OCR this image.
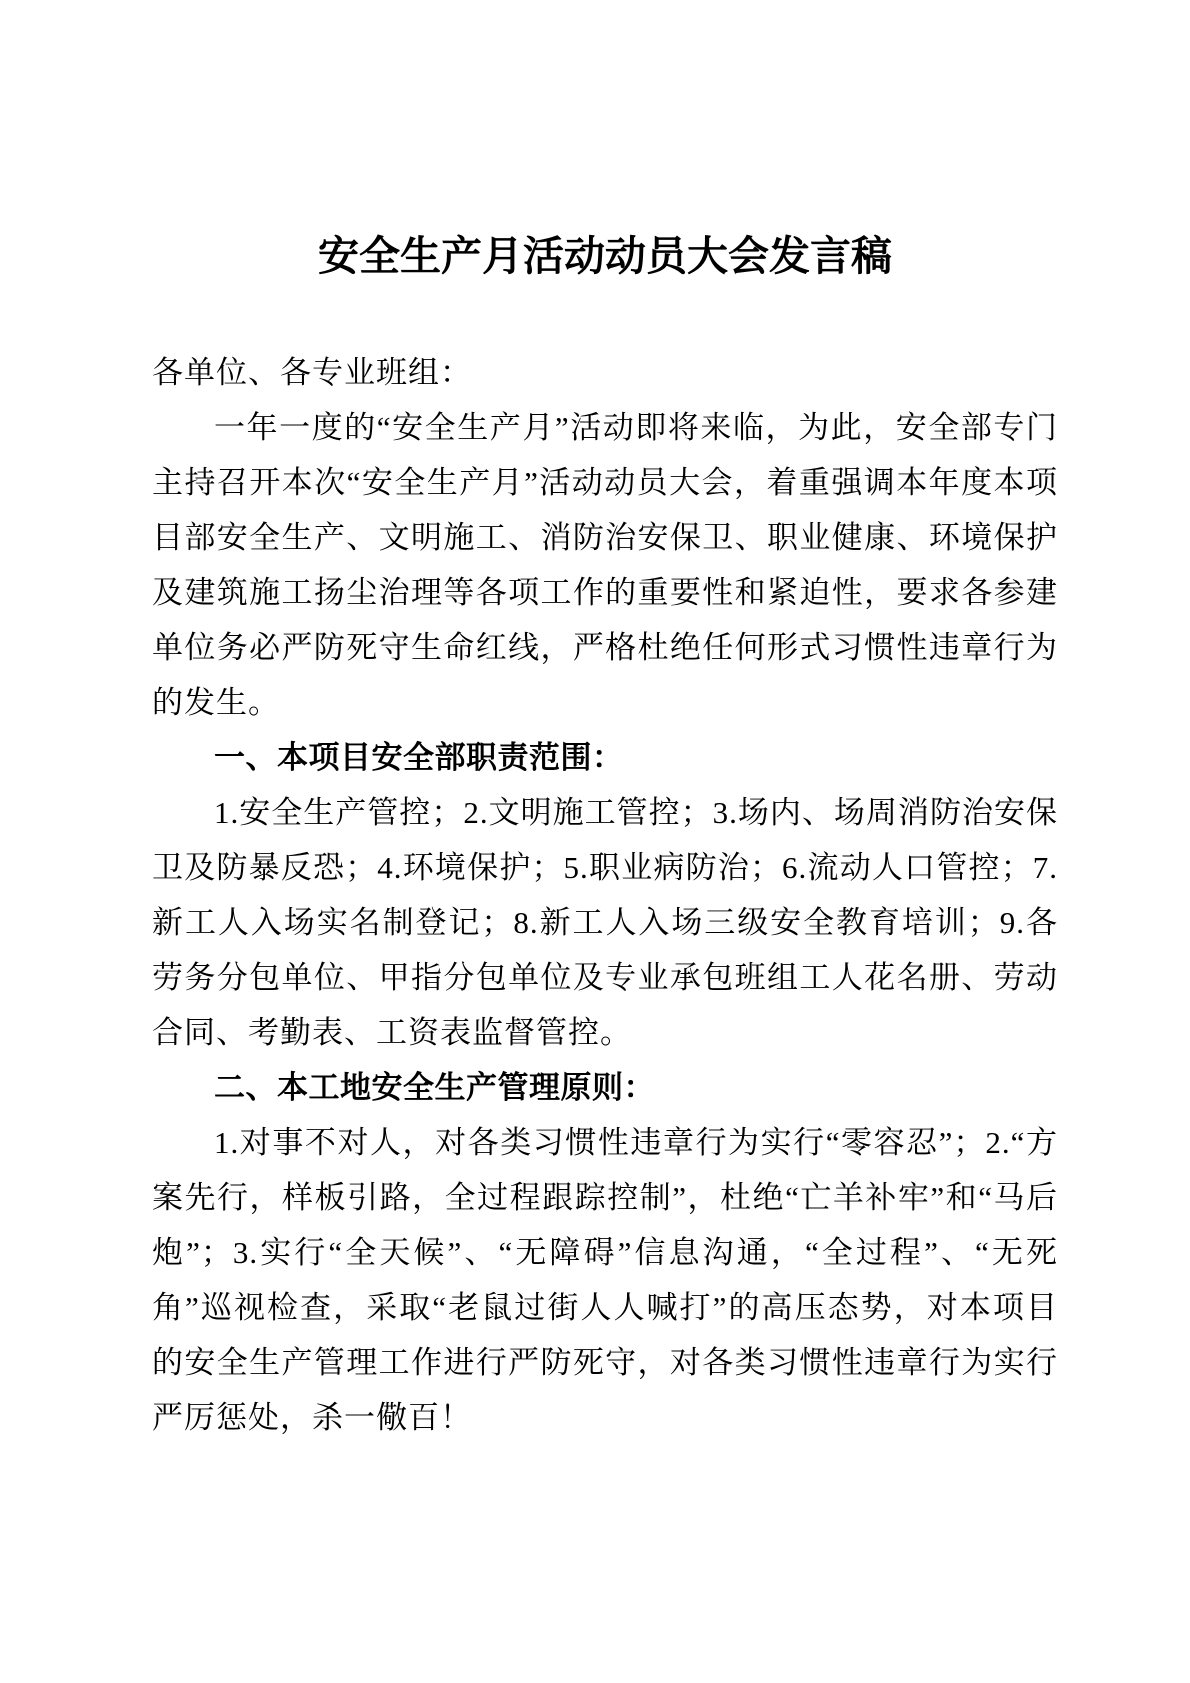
安全生产月活动动员大会发言稿

各单位、各专业班组：

一年一度的“安全生产月”活动即将来临，为此，安全部专门主持召开本次“安全生产月”活动动员大会，着重强调本年度本项目部安全生产、文明施工、消防治安保卫、职业健康、环境保护及建筑施工扬尘治理等各项工作的重要性和紧迫性，要求各参建单位务必严防死守生命红线，严格杜绝任何形式习惯性违章行为的发生。

一、本项目安全部职责范围：

1.安全生产管控；2.文明施工管控；3.场内、场周消防治安保卫及防暴反恐；4.环境保护；5.职业病防治；6.流动人口管控；7.新工人入场实名制登记；8.新工人入场三级安全教育培训；9.各劳务分包单位、甲指分包单位及专业承包班组工人花名册、劳动合同、考勤表、工资表监督管控。

二、本工地安全生产管理原则：

1.对事不对人，对各类习惯性违章行为实行“零容忍”；2.“方案先行，样板引路，全过程跟踪控制”，杜绝“亡羊补牢”和“马后炮”；3.实行“全天候”、“无障碍”信息沟通，“全过程”、“无死角”巡视检查，采取“老鼠过街人人喊打”的高压态势，对本项目的安全生产管理工作进行严防死守，对各类习惯性违章行为实行严厉惩处，杀一儆百！
